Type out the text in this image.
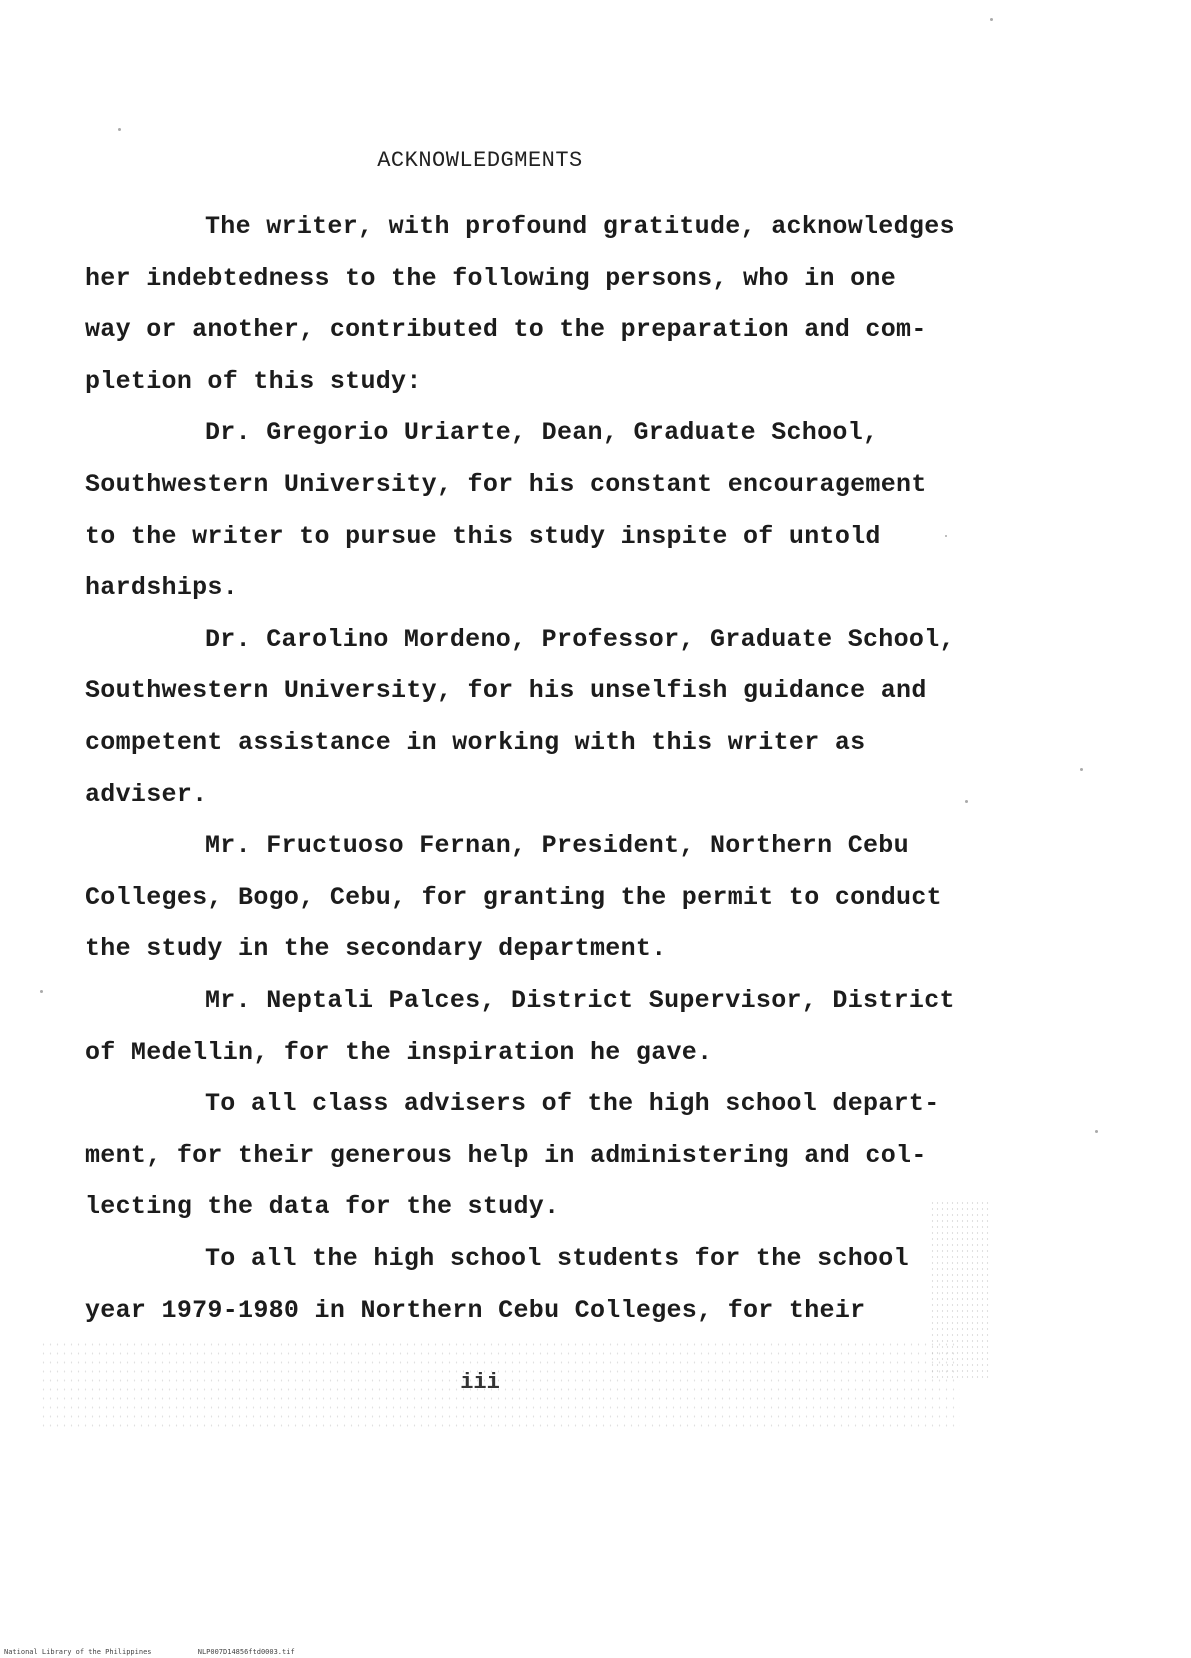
ACKNOWLEDGMENTS
The writer, with profound gratitude, acknowledges
her indebtedness to the following persons, who in one
way or another, contributed to the preparation and com-
pletion of this study:
Dr. Gregorio Uriarte, Dean, Graduate School,
Southwestern University, for his constant encouragement
to the writer to pursue this study inspite of untold
hardships.
Dr. Carolino Mordeno, Professor, Graduate School,
Southwestern University, for his unselfish guidance and
competent assistance in working with this writer as
adviser.
Mr. Fructuoso Fernan, President, Northern Cebu
Colleges, Bogo, Cebu, for granting the permit to conduct
the study in the secondary department.
Mr. Neptali Palces, District Supervisor, District
of Medellin, for the inspiration he gave.
To all class advisers of the high school depart-
ment, for their generous help in administering and col-
lecting the data for the study.
To all the high school students for the school
year 1979-1980 in Northern Cebu Colleges, for their
iii
National Library of the Philippines	NLP007D14856ftd0003.tif
